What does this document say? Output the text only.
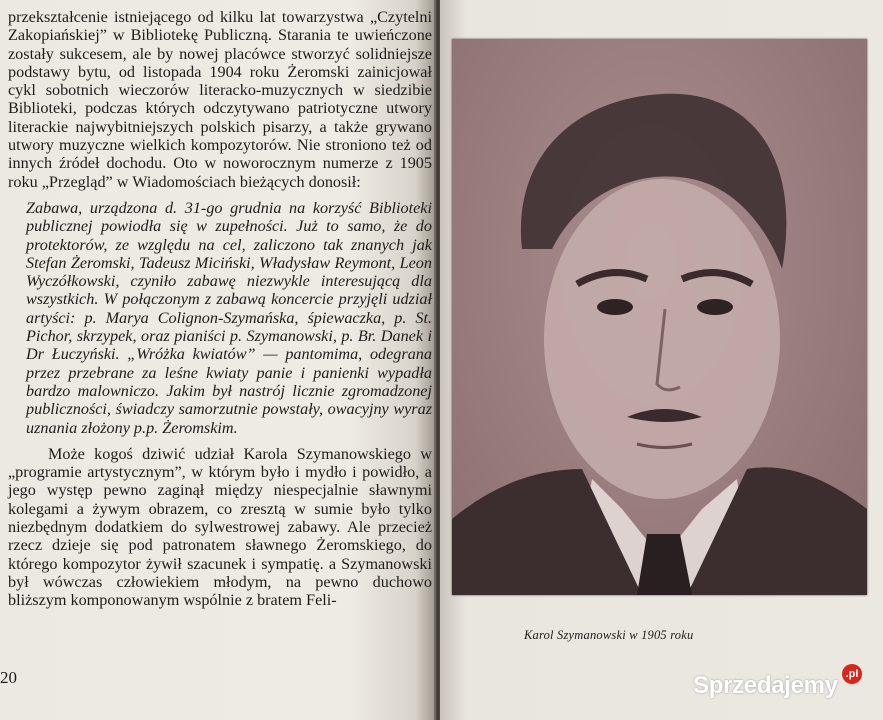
przekształcenie istniejącego od kilku lat towarzystwa „Czytelni Zakopiańskiej” w Bibliotekę Publiczną. Starania te uwieńczone zostały sukcesem, ale by nowej placówce stworzyć solidniejsze podstawy bytu, od listopada 1904 roku Żeromski zainicjował cykl sobotnich wieczorów literacko-muzycznych w siedzibie Biblioteki, podczas których odczytywano patriotyczne utwory literackie najwybitniejszych polskich pisarzy, a także grywano utwory muzyczne wielkich kompozytorów. Nie stroniono też od innych źródeł dochodu. Oto w noworocznym numerze z 1905 roku „Przegląd” w Wiadomościach bieżących donosił:

Zabawa, urządzona d. 31-go grudnia na korzyść Biblioteki publicznej powiodła się w zupełności. Już to samo, że do protektorów, ze względu na cel, zaliczono tak znanych jak Stefan Żeromski, Tadeusz Miciński, Władysław Reymont, Leon Wyczółkowski, czyniło zabawę niezwykle interesującą dla wszystkich. W połączonym z zabawą koncercie przyjęli udział artyści: p. Marya Colignon-Szymańska, śpiewaczka, p. St. Pichor, skrzypek, oraz pianiści p. Szymanowski, p. Br. Danek i Dr Łuczyński. „Wróżka kwiatów” — pantomima, odegrana przez przebrane za leśne kwiaty panie i panienki wypadła bardzo malowniczo. Jakim był nastrój licznie zgromadzonej publiczności, świadczy samorzutnie powstały, owacyjny wyraz uznania złożony p.p. Żeromskim.

Może kogoś dziwić udział Karola Szymanowskiego w „programie artystycznym”, w którym było i mydło i powidło, a jego występ pewno zaginął między niespecjalnie sławnymi kolegami a żywym obrazem, co zresztą w sumie było tylko niezbędnym dodatkiem do sylwestrowej zabawy. Ale przecież rzecz dzieje się pod patronatem sławnego Żeromskiego, do którego kompozytor żywił szacunek i sympatię. a Szymanowski był wówczas człowiekiem młodym, na pewno duchowo bliższym komponowanym wspólnie z bratem Feli-

20
Karol Szymanowski w 1905 roku
Sprzedajemy .pl
